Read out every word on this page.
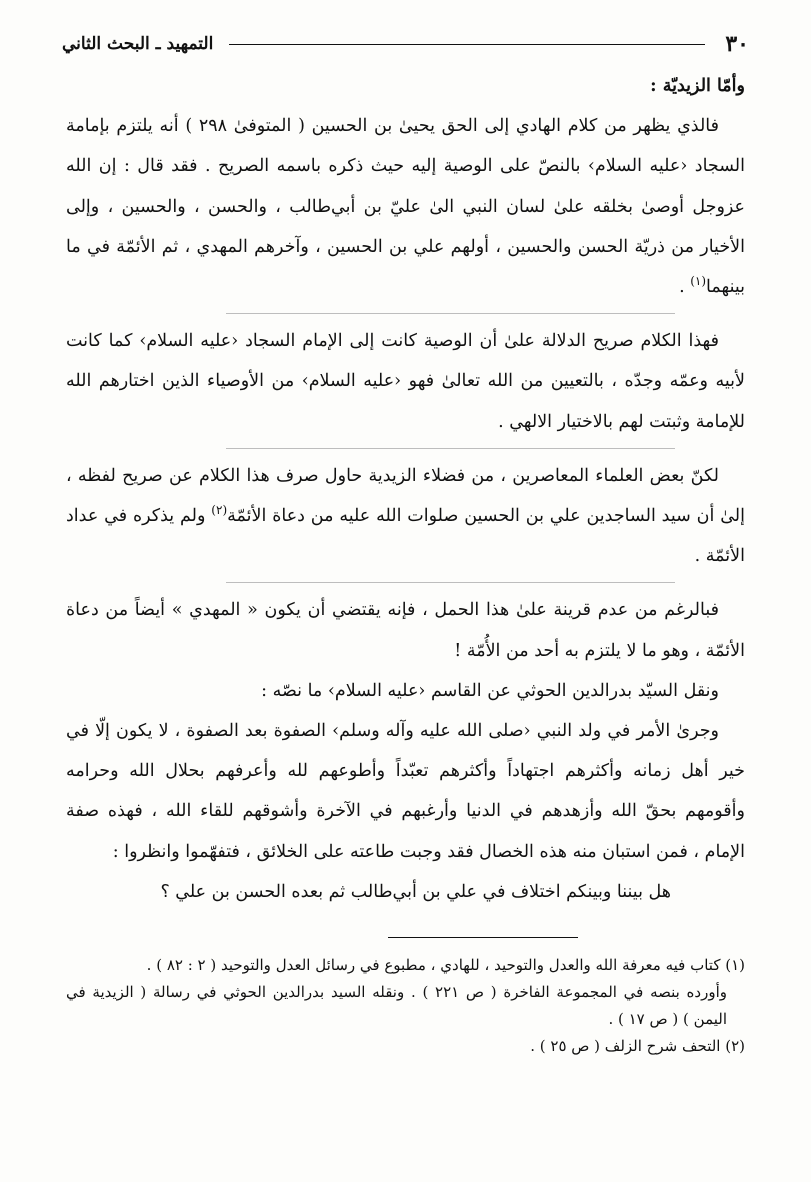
٣٠
التمهيد ـ البحث الثاني

وأمّا الزيديّة :

فالذي يظهر من كلام الهادي إلى الحق يحيىٰ بن الحسين ( المتوفىٰ ٢٩٨ ) أنه يلتزم بإمامة السجاد ‹عليه السلام› بالنصّ على الوصية إليه حيث ذكره باسمه الصريح . فقد قال : إن الله عزوجل أوصىٰ بخلقه علىٰ لسان النبي الىٰ عليّ بن أبي‌طالب ، والحسن ، والحسين ، وإلى الأخيار من ذريّة الحسن والحسين ، أولهم علي بن الحسين ، وآخرهم المهدي ، ثم الأئمّة في ما بينهما$^{(١)}$ .

فهذا الكلام صريح الدلالة علىٰ أن الوصية كانت إلى الإمام السجاد ‹عليه السلام› كما كانت لأبيه وعمّه وجدّه ، بالتعيين من الله تعالىٰ فهو ‹عليه السلام› من الأوصياء الذين اختارهم الله للإمامة وثبتت لهم بالاختيار الالهي .

لكنّ بعض العلماء المعاصرين ، من فضلاء الزيدية حاول صرف هذا الكلام عن صريح لفظه ، إلىٰ أن سيد الساجدين علي بن الحسين صلوات الله عليه من دعاة الأئمّة$^{(٢)}$ ولم يذكره في عداد الأئمّة .

فبالرغم من عدم قرينة علىٰ هذا الحمل ، فإنه يقتضي أن يكون « المهدي » أيضاً من دعاة الأئمّة ، وهو ما لا يلتزم به أحد من الأُمّة !

ونقل السيّد بدرالدين الحوثي عن القاسم ‹عليه السلام› ما نصّه :

وجرىٰ الأمر في ولد النبي ‹صلى الله عليه وآله وسلم› الصفوة بعد الصفوة ، لا يكون إلّا في خير أهل زمانه وأكثرهم اجتهاداً وأكثرهم تعبّداً وأطوعهم لله وأعرفهم بحلال الله وحرامه وأقومهم بحقّ الله وأزهدهم في الدنيا وأرغبهم في الآخرة وأشوقهم للقاء الله ، فهذه صفة الإمام ، فمن استبان منه هذه الخصال فقد وجبت طاعته على الخلائق ، فتفهّموا وانظروا :

هل بيننا وبينكم اختلاف في علي بن أبي‌طالب ثم بعده الحسن بن علي ؟

(١) كتاب فيه معرفة الله والعدل والتوحيد ، للهادي ، مطبوع في رسائل العدل والتوحيد ( ٢ : ٨٢ ) .

وأورده بنصه في المجموعة الفاخرة ( ص ٢٢١ ) . ونقله السيد بدرالدين الحوثي في رسالة ( الزيدية في اليمن ) ( ص ١٧ ) .

(٢) التحف شرح الزلف ( ص ٢٥ ) .
